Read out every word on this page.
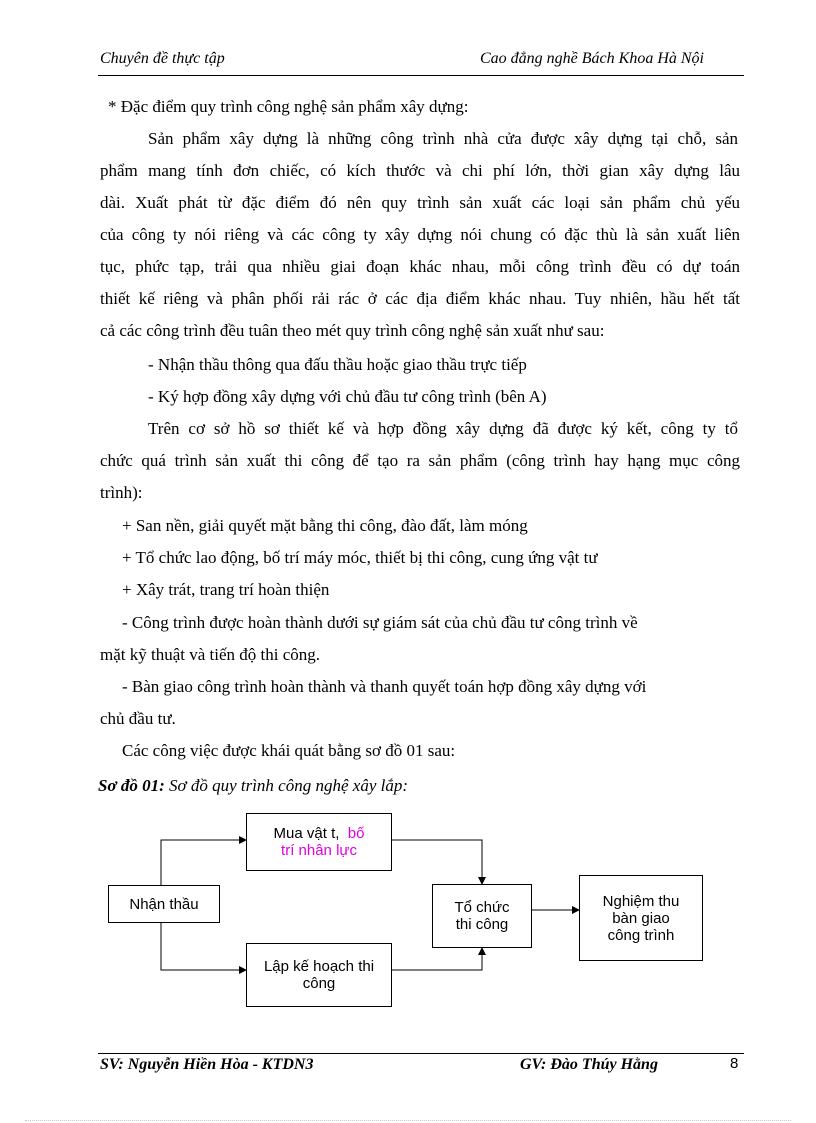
Chuyên đề thực tập	Cao đẳng nghề Bách Khoa Hà Nội
* Đặc điểm quy trình công nghệ sản phẩm xây dựng:
Sản phẩm xây dựng là những công trình nhà cửa được xây dựng tại chỗ, sản
phẩm mang tính đơn chiếc, có kích thước và chi phí lớn, thời gian xây dựng lâu
dài. Xuất phát từ đặc điểm đó nên quy trình sản xuất các loại sản phẩm chủ yếu
của công ty nói riêng và các công ty xây dựng nói chung có đặc thù là sản xuất liên
tục, phức tạp, trải qua nhiều giai đoạn khác nhau, mỗi công trình đều có dự toán
thiết kế riêng và phân phối rải rác ở các địa điểm khác nhau. Tuy nhiên, hầu hết tất
cả các công trình đều tuân theo mét quy trình công nghệ sản xuất như sau:
- Nhận thầu thông qua đấu thầu hoặc giao thầu trực tiếp
- Ký hợp đồng xây dựng với chủ đầu tư công trình (bên A)
Trên cơ sở hồ sơ thiết kế và hợp đồng xây dựng đã được ký kết, công ty tổ
chức quá trình sản xuất thi công để tạo ra sản phẩm (công trình hay hạng mục công
trình):
+ San nền, giải quyết mặt bằng thi công, đào đất, làm móng
+ Tổ chức lao động, bố trí máy móc, thiết bị thi công, cung ứng vật tư
+ Xây trát, trang trí hoàn thiện
- Công trình được hoàn thành dưới sự giám sát của chủ đầu tư công trình về
mặt kỹ thuật và tiến độ thi công.
- Bàn giao công trình hoàn thành và thanh quyết toán hợp đồng xây dựng với
chủ đầu tư.
Các công việc được khái quát bằng sơ đồ 01 sau:
Sơ đồ 01: Sơ đồ quy trình công nghệ xây lắp:
Mua vật t, bố
trí nhân lực
Nhận thầu	Tổ chức
thi công
Nghiệm thu
bàn giao
công trình
Lập kế hoạch thi
công
SV: Nguyễn Hiền Hòa - KTDN3	GV: Đào Thúy Hằng	8
